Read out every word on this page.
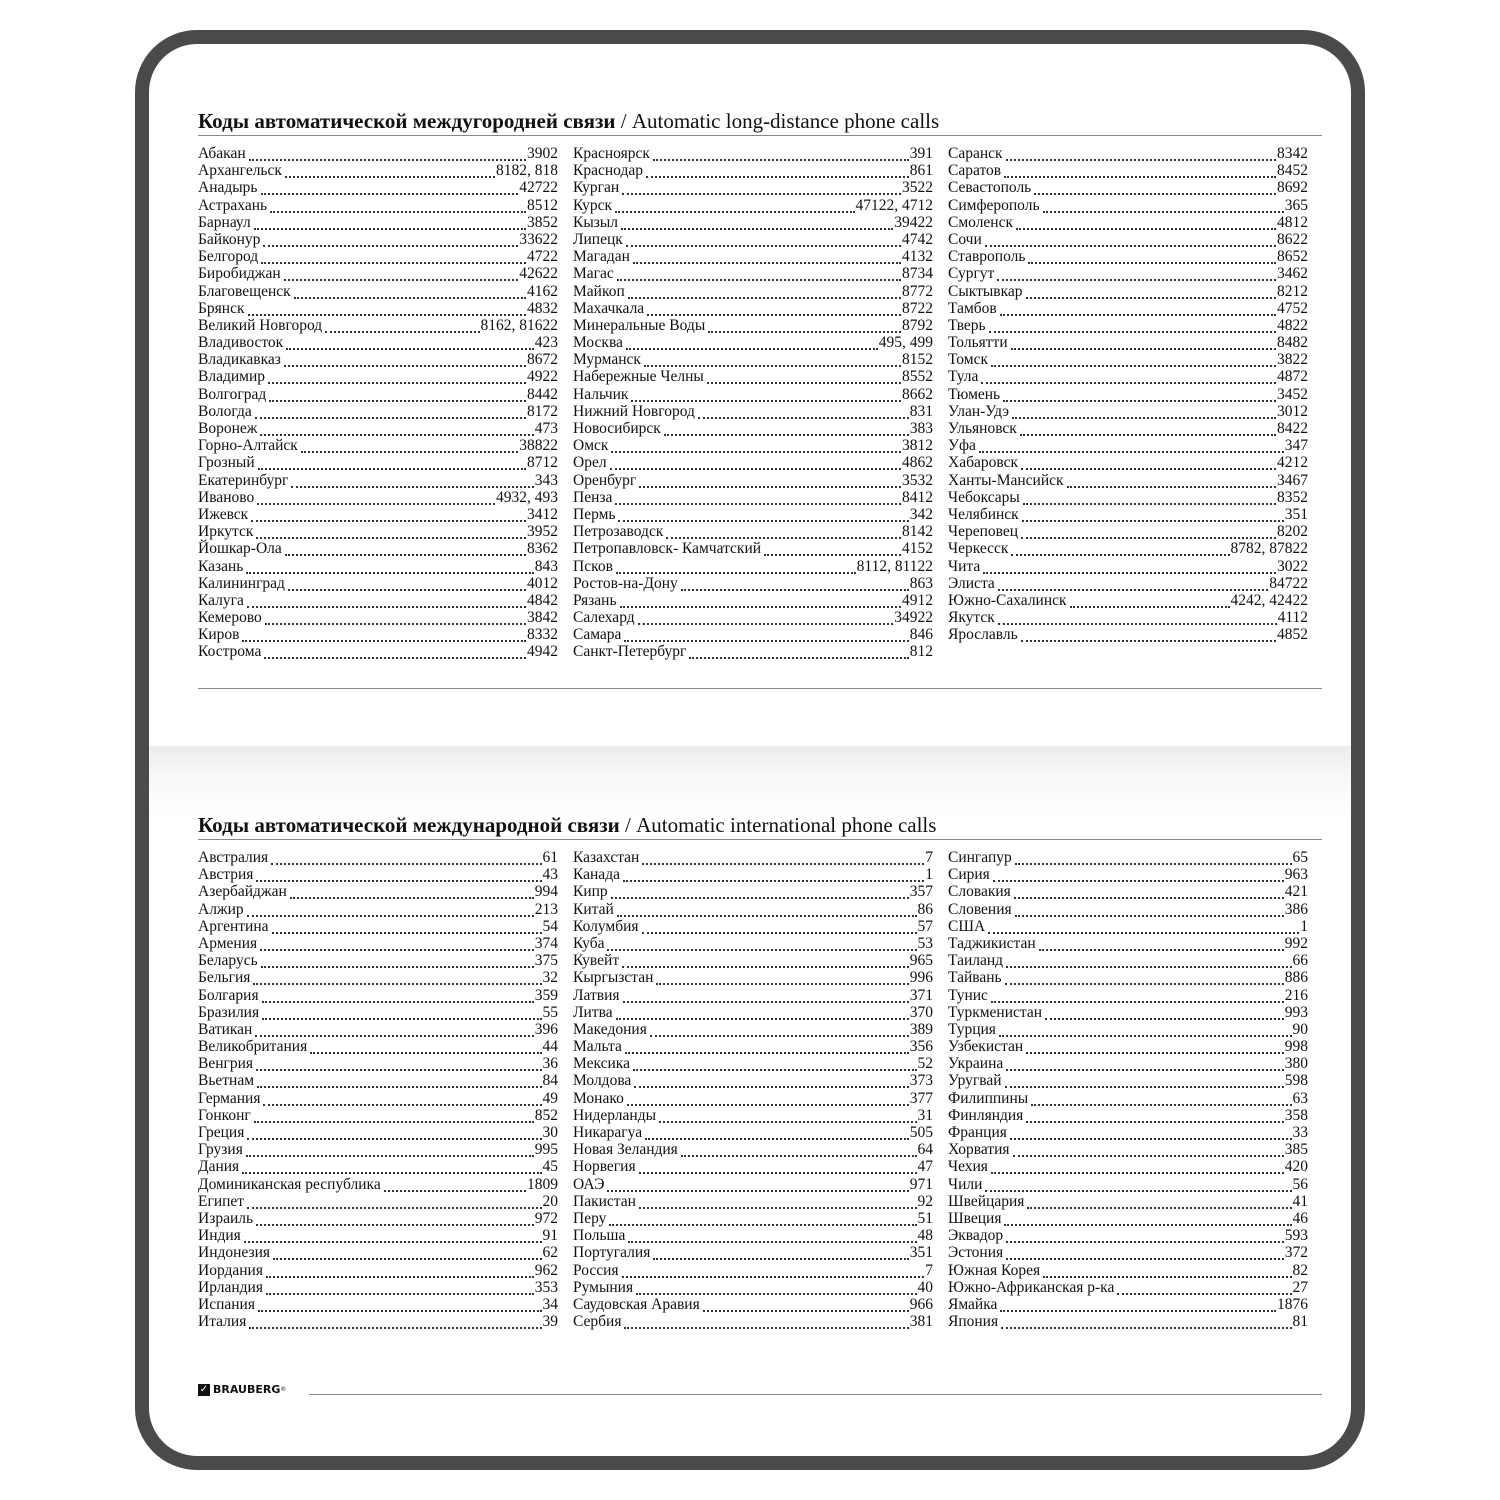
Коды автоматической междугородней связи / Automatic long-distance phone calls
Абакан	3902
Архангельск	8182, 818
Анадырь	42722
Астрахань	8512
Барнаул	3852
Байконур	33622
Белгород	4722
Биробиджан	42622
Благовещенск	4162
Брянск	4832
Великий Новгород	8162, 81622
Владивосток	423
Владикавказ	8672
Владимир	4922
Волгоград	8442
Вологда	8172
Воронеж	473
Горно-Алтайск	38822
Грозный	8712
Екатеринбург	343
Иваново	4932, 493
Ижевск	3412
Иркутск	3952
Йошкар-Ола	8362
Казань	843
Калининград	4012
Калуга	4842
Кемерово	3842
Киров	8332
Кострома	4942
Красноярск	391
Краснодар	861
Курган	3522
Курск	47122, 4712
Кызыл	39422
Липецк	4742
Магадан	4132
Магас	8734
Майкоп	8772
Махачкала	8722
Минеральные Воды	8792
Москва	495, 499
Мурманск	8152
Набережные Челны	8552
Нальчик	8662
Нижний Новгород	831
Новосибирск	383
Омск	3812
Орел	4862
Оренбург	3532
Пенза	8412
Пермь	342
Петрозаводск	8142
Петропавловск- Камчатский	4152
Псков	8112, 81122
Ростов-на-Дону	863
Рязань	4912
Салехард	34922
Самара	846
Санкт-Петербург	812
Саранск	8342
Саратов	8452
Севастополь	8692
Симферополь	365
Смоленск	4812
Сочи	8622
Ставрополь	8652
Сургут	3462
Сыктывкар	8212
Тамбов	4752
Тверь	4822
Тольятти	8482
Томск	3822
Тула	4872
Тюмень	3452
Улан-Удэ	3012
Ульяновск	8422
Уфа	347
Хабаровск	4212
Ханты-Мансийск	3467
Чебоксары	8352
Челябинск	351
Череповец	8202
Черкесск	8782, 87822
Чита	3022
Элиста	84722
Южно-Сахалинск	4242, 42422
Якутск	4112
Ярославль	4852
Коды автоматической международной связи / Automatic international phone calls
Австралия	61
Австрия	43
Азербайджан	994
Алжир	213
Аргентина	54
Армения	374
Беларусь	375
Бельгия	32
Болгария	359
Бразилия	55
Ватикан	396
Великобритания	44
Венгрия	36
Вьетнам	84
Германия	49
Гонконг	852
Греция	30
Грузия	995
Дания	45
Доминиканская республика	1809
Египет	20
Израиль	972
Индия	91
Индонезия	62
Иордания	962
Ирландия	353
Испания	34
Италия	39
Казахстан	7
Канада	1
Кипр	357
Китай	86
Колумбия	57
Куба	53
Кувейт	965
Кыргызстан	996
Латвия	371
Литва	370
Македония	389
Мальта	356
Мексика	52
Молдова	373
Монако	377
Нидерланды	31
Никарагуа	505
Новая Зеландия	64
Норвегия	47
ОАЭ	971
Пакистан	92
Перу	51
Польша	48
Португалия	351
Россия	7
Румыния	40
Саудовская Аравия	966
Сербия	381
Сингапур	65
Сирия	963
Словакия	421
Словения	386
США	1
Таджикистан	992
Таиланд	66
Тайвань	886
Тунис	216
Туркменистан	993
Турция	90
Узбекистан	998
Украина	380
Уругвай	598
Филиппины	63
Финляндия	358
Франция	33
Хорватия	385
Чехия	420
Чили	56
Швейцария	41
Швеция	46
Эквадор	593
Эстония	372
Южная Корея	82
Южно-Африканская р-ка	27
Ямайка	1876
Япония	81
✓ BRAUBERG ®
